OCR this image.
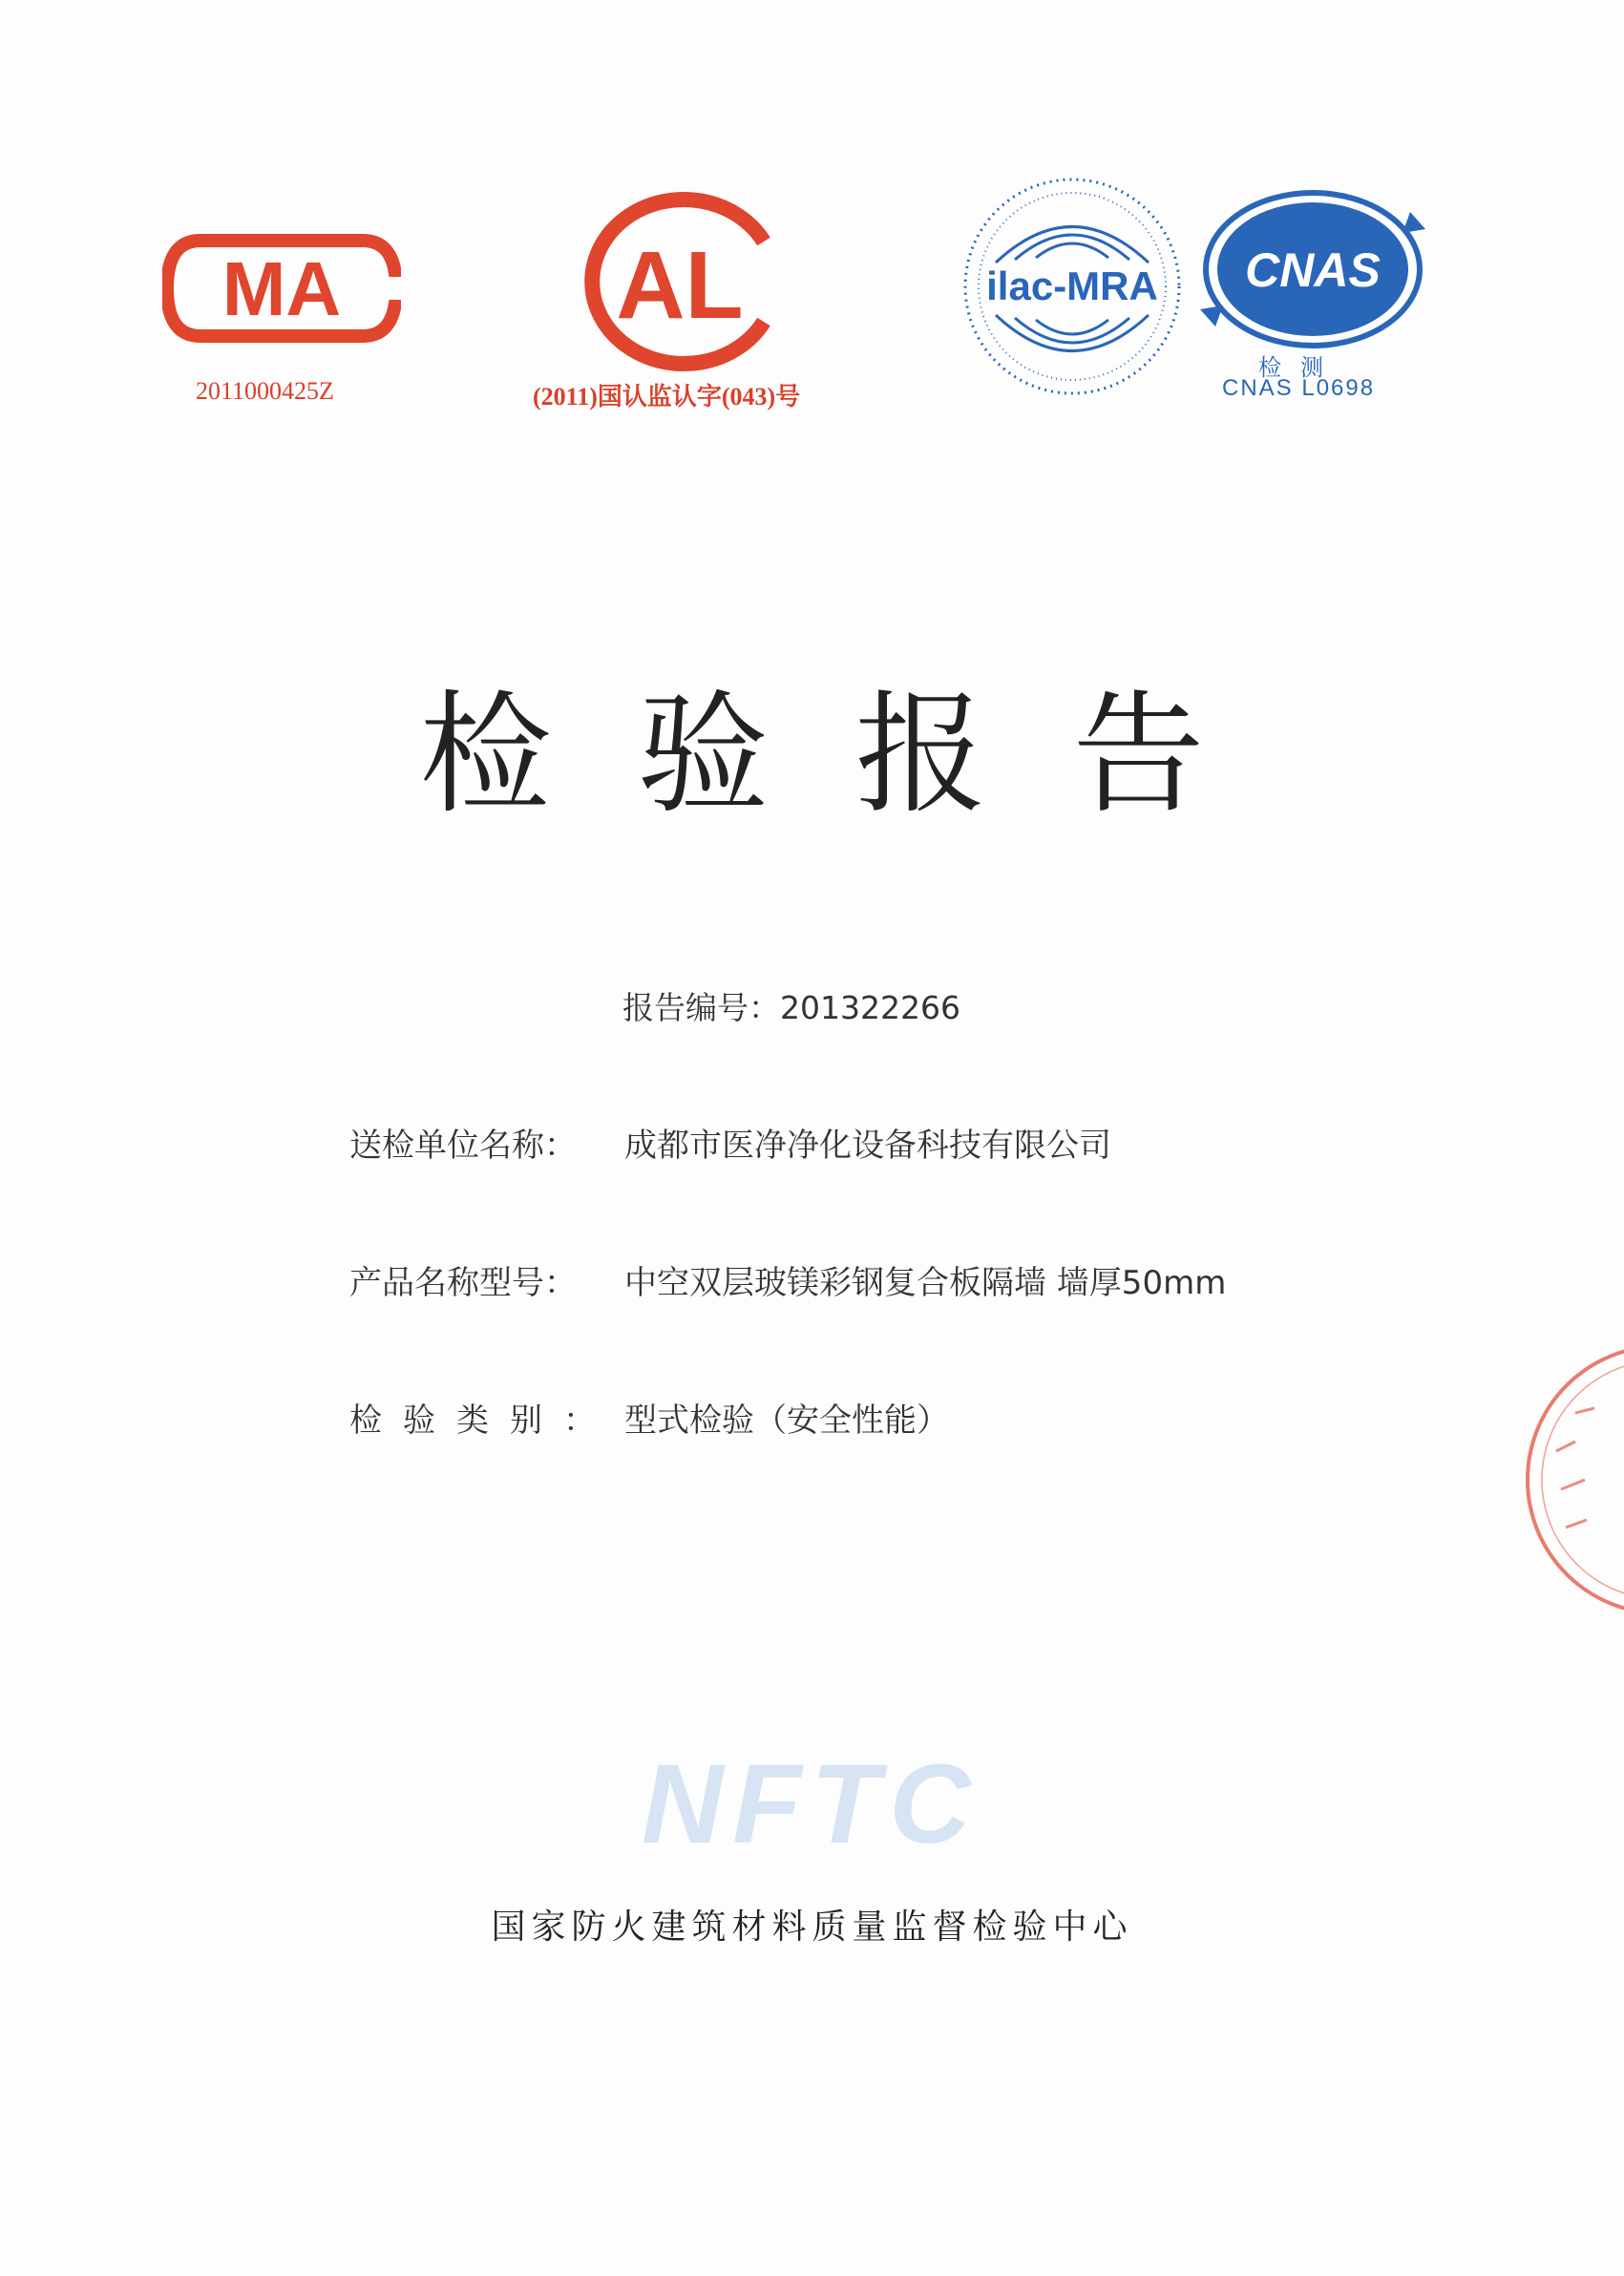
MA
2011000425Z
AL
(2011)国认监认字(043)号
ilac-MRA CNAS
检测
CNAS L0698
检验报告
报告编号：201322266
送检单位名称： 成都市医净净化设备科技有限公司
产品名称型号： 中空双层玻镁彩钢复合板隔墙 墙厚50mm
检验类别： 型式检验（安全性能）
NFTC
国家防火建筑材料质量监督检验中心
